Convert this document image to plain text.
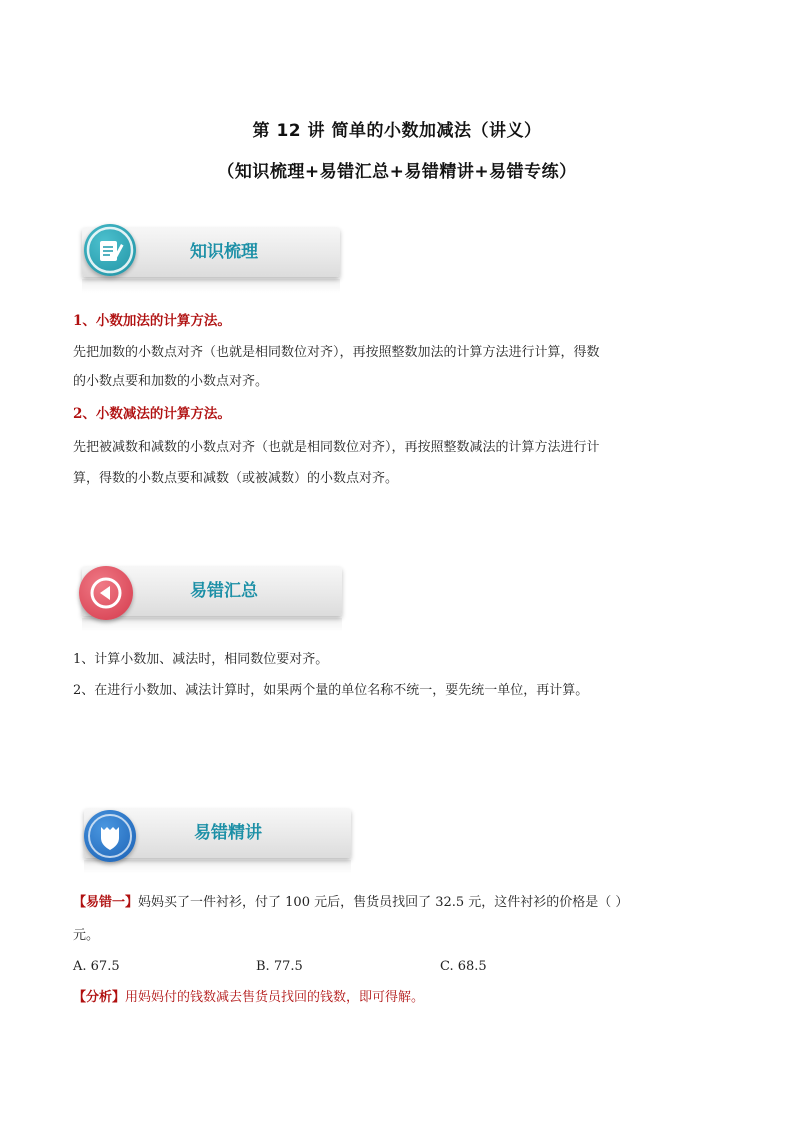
第 12 讲 简单的小数加减法（讲义）
（知识梳理+易错汇总+易错精讲+易错专练）
知识梳理
1、小数加法的计算方法。
先把加数的小数点对齐（也就是相同数位对齐），再按照整数加法的计算方法进行计算，得数
的小数点要和加数的小数点对齐。
2、小数减法的计算方法。
先把被减数和减数的小数点对齐（也就是相同数位对齐），再按照整数减法的计算方法进行计
算，得数的小数点要和减数（或被减数）的小数点对齐。
易错汇总
1、计算小数加、减法时，相同数位要对齐。
2、在进行小数加、减法计算时，如果两个量的单位名称不统一，要先统一单位，再计算。
易错精讲
【易错一】妈妈买了一件衬衫，付了 100 元后，售货员找回了 32.5 元，这件衬衫的价格是（ ）
元。
A. 67.5	B. 77.5	C. 68.5
【分析】用妈妈付的钱数减去售货员找回的钱数，即可得解。
